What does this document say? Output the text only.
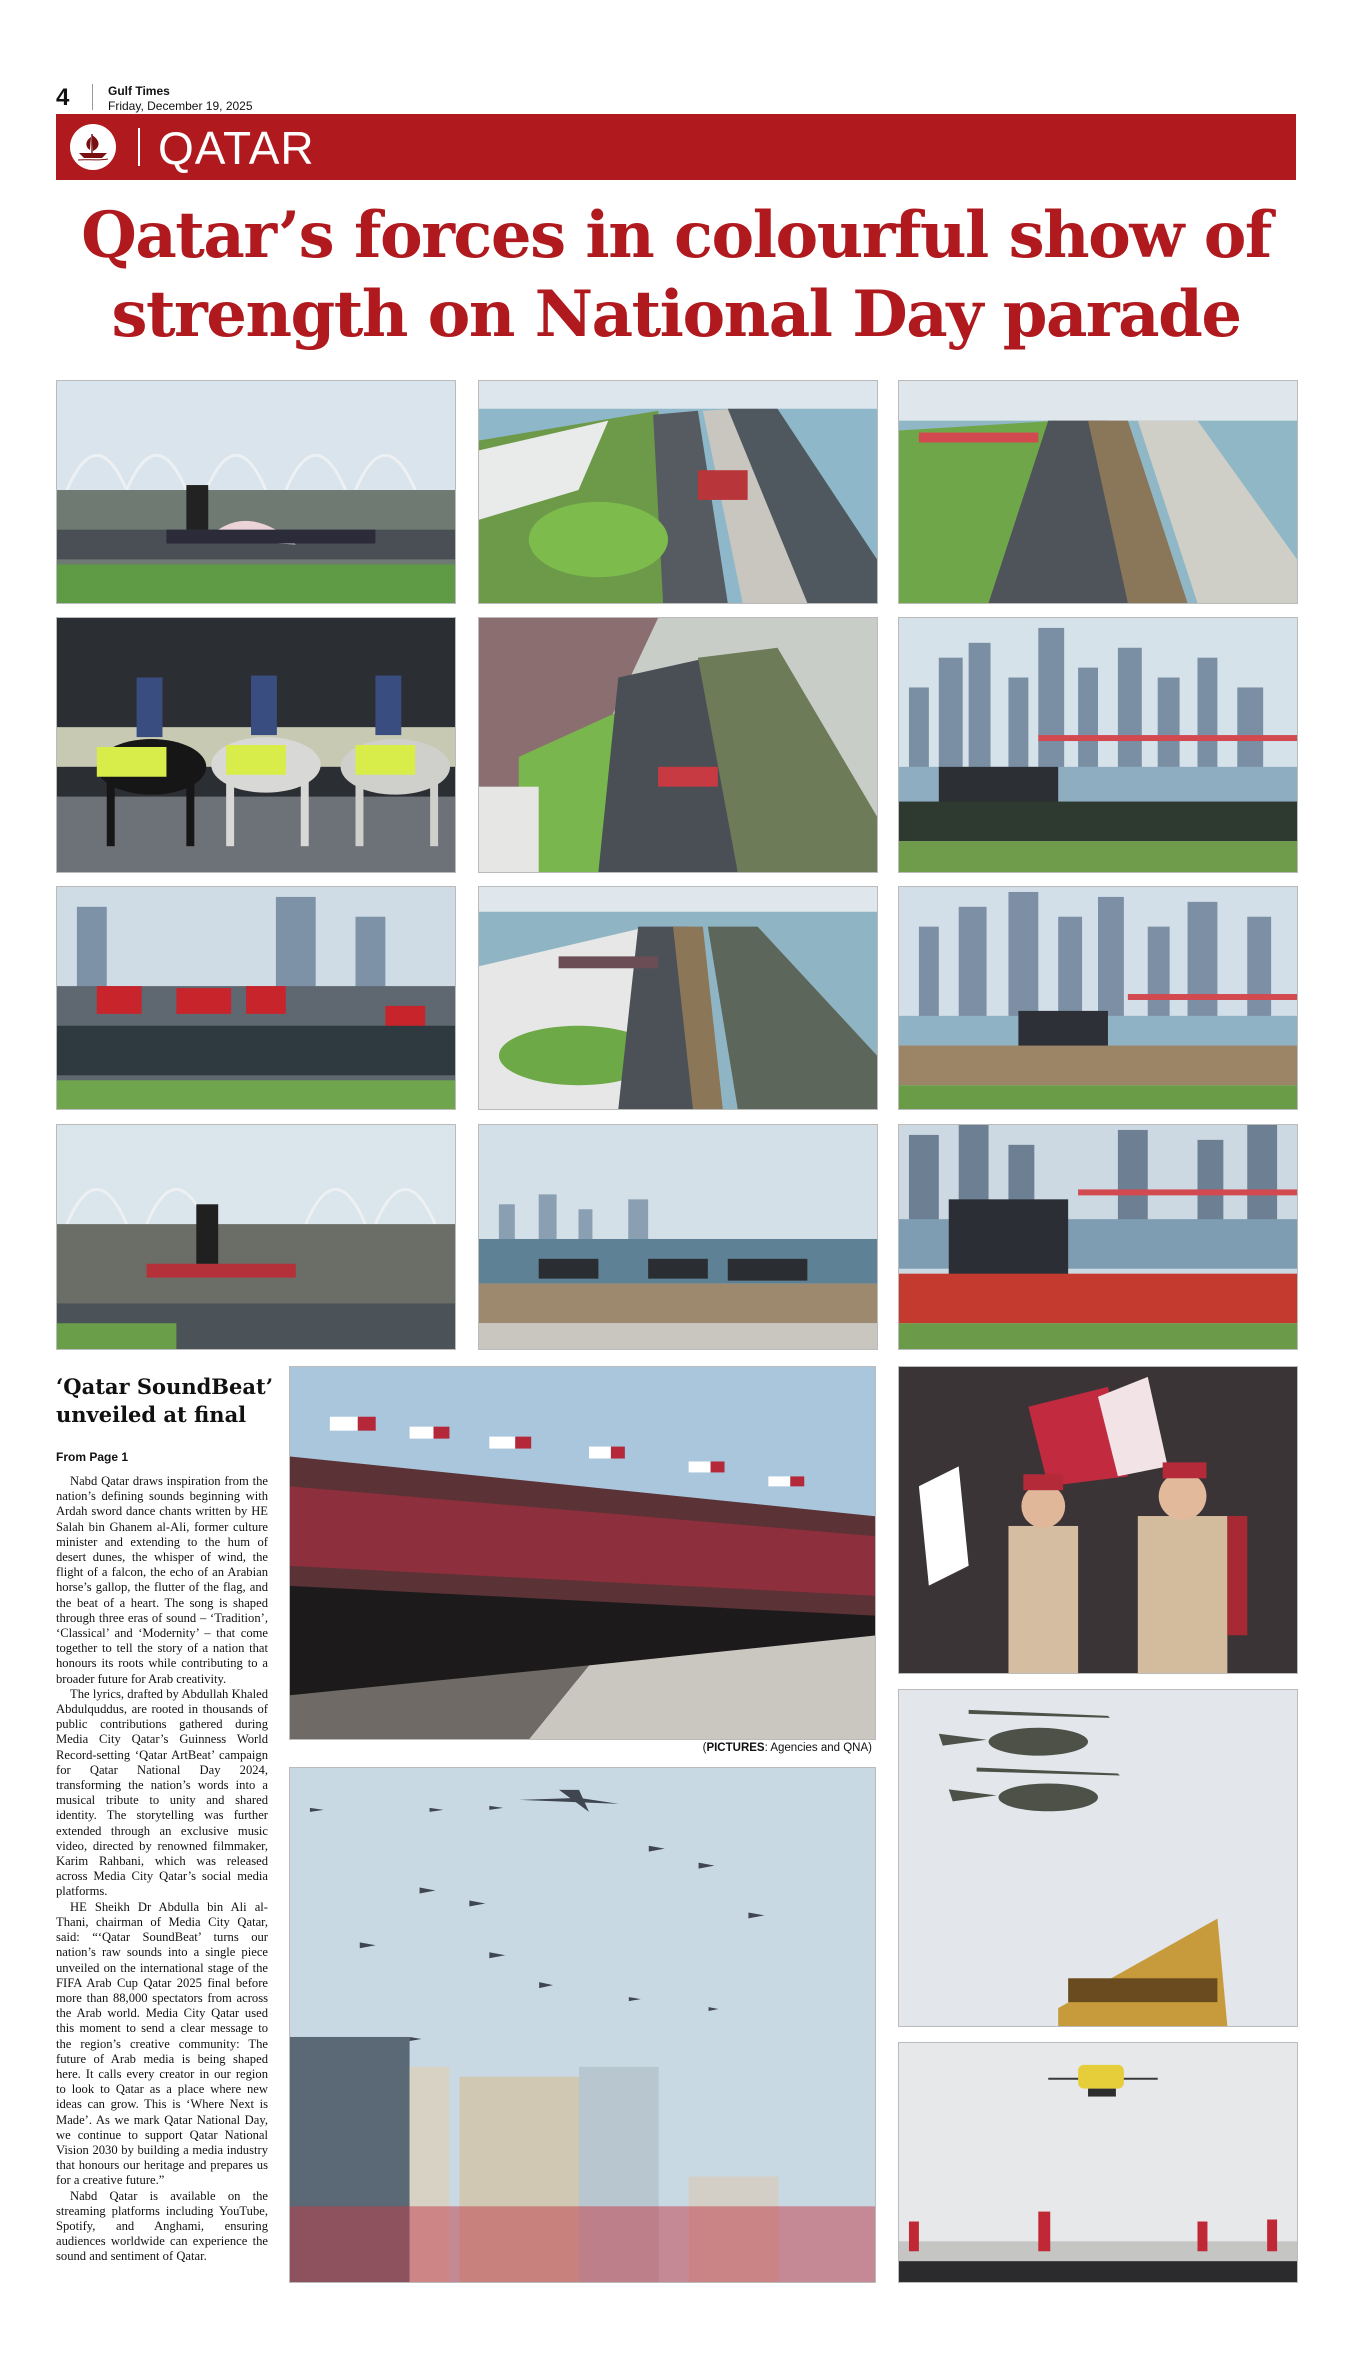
4	Gulf Times
Friday, December 19, 2025
QATAR
Qatar’s forces in colourful show of
strength on National Day parade
‘Qatar SoundBeat’ unveiled at final
From Page 1

Nabd Qatar draws inspiration from the nation’s defining sounds beginning with Ardah sword dance chants written by HE Salah bin Ghanem al-Ali, former culture minister and extending to the hum of desert dunes, the whisper of wind, the flight of a falcon, the echo of an Arabian horse’s gallop, the flutter of the flag, and the beat of a heart. The song is shaped through three eras of sound – ‘Tradition’, ‘Classical’ and ‘Modernity’ – that come together to tell the story of a nation that honours its roots while contributing to a broader future for Arab creativity.

The lyrics, drafted by Abdullah Khaled Abdulquddus, are rooted in thousands of public contributions gathered during Media City Qatar’s Guinness World Record-setting ‘Qatar ArtBeat’ campaign for Qatar National Day 2024, transforming the nation’s words into a musical tribute to unity and shared identity. The storytelling was further extended through an exclusive music video, directed by renowned filmmaker, Karim Rahbani, which was released across Media City Qatar’s social media platforms.

HE Sheikh Dr Abdulla bin Ali al-Thani, chairman of Media City Qatar, said: “‘Qatar SoundBeat’ turns our nation’s raw sounds into a single piece unveiled on the international stage of the FIFA Arab Cup Qatar 2025 final before more than 88,000 spectators from across the Arab world. Media City Qatar used this moment to send a clear message to the region’s creative community: The future of Arab media is being shaped here. It calls every creator in our region to look to Qatar as a place where new ideas can grow. This is ‘Where Next is Made’. As we mark Qatar National Day, we continue to support Qatar National Vision 2030 by building a media industry that honours our heritage and prepares us for a creative future.”

Nabd Qatar is available on the streaming platforms including YouTube, Spotify, and Anghami, ensuring audiences worldwide can experience the sound and sentiment of Qatar.

(PICTURES: Agencies and QNA)
